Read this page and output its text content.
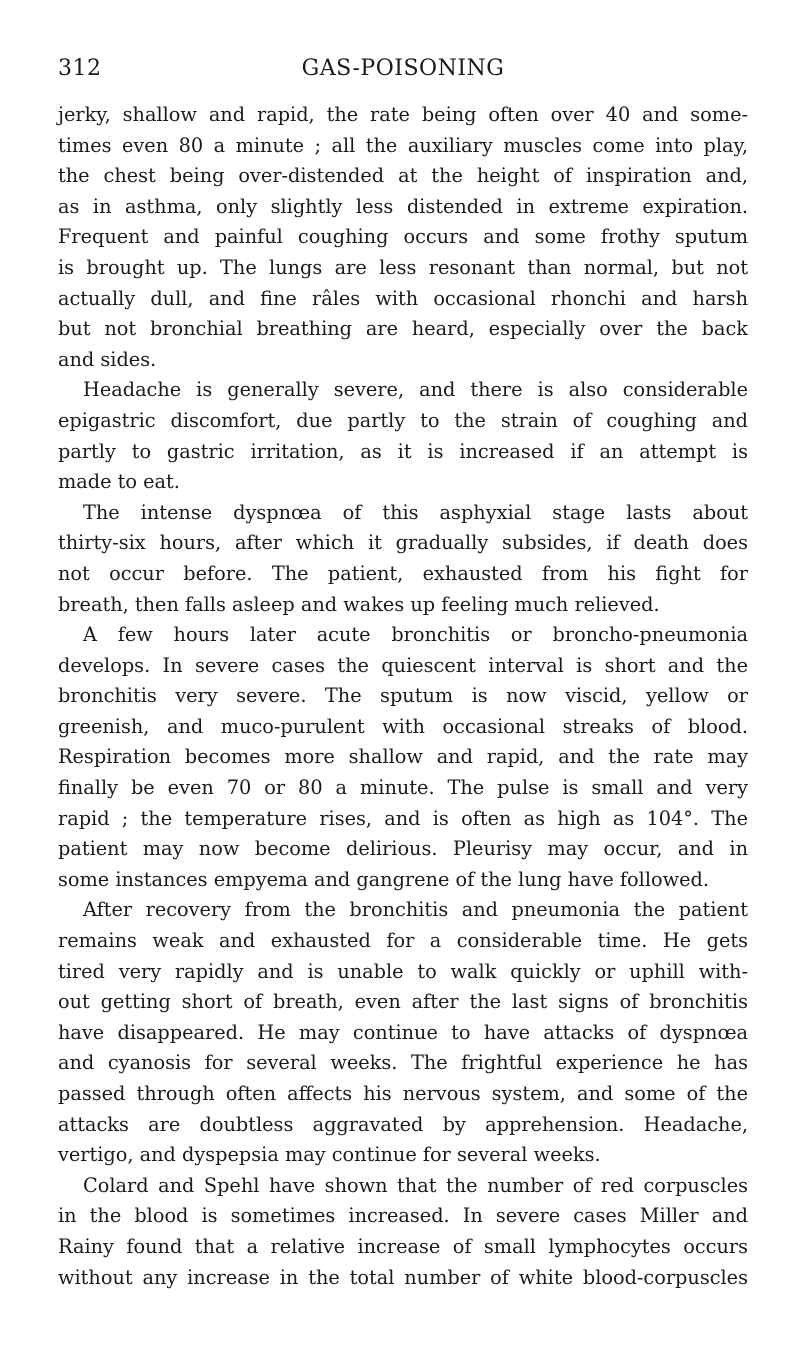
312	GAS-POISONING
jerky, shallow and rapid, the rate being often over 40 and some-
times even 80 a minute ; all the auxiliary muscles come into play,
the chest being over-distended at the height of inspiration and,
as in asthma, only slightly less distended in extreme expiration.
Frequent and painful coughing occurs and some frothy sputum
is brought up. The lungs are less resonant than normal, but not
actually dull, and fine râles with occasional rhonchi and harsh
but not bronchial breathing are heard, especially over the back
and sides.
Headache is generally severe, and there is also considerable
epigastric discomfort, due partly to the strain of coughing and
partly to gastric irritation, as it is increased if an attempt is
made to eat.
The intense dyspnœa of this asphyxial stage lasts about
thirty-six hours, after which it gradually subsides, if death does
not occur before. The patient, exhausted from his fight for
breath, then falls asleep and wakes up feeling much relieved.
A few hours later acute bronchitis or broncho-pneumonia
develops. In severe cases the quiescent interval is short and the
bronchitis very severe. The sputum is now viscid, yellow or
greenish, and muco-purulent with occasional streaks of blood.
Respiration becomes more shallow and rapid, and the rate may
finally be even 70 or 80 a minute. The pulse is small and very
rapid ; the temperature rises, and is often as high as 104°. The
patient may now become delirious. Pleurisy may occur, and in
some instances empyema and gangrene of the lung have followed.
After recovery from the bronchitis and pneumonia the patient
remains weak and exhausted for a considerable time. He gets
tired very rapidly and is unable to walk quickly or uphill with-
out getting short of breath, even after the last signs of bronchitis
have disappeared. He may continue to have attacks of dyspnœa
and cyanosis for several weeks. The frightful experience he has
passed through often affects his nervous system, and some of the
attacks are doubtless aggravated by apprehension. Headache,
vertigo, and dyspepsia may continue for several weeks.
Colard and Spehl have shown that the number of red corpuscles
in the blood is sometimes increased. In severe cases Miller and
Rainy found that a relative increase of small lymphocytes occurs
without any increase in the total number of white blood-corpuscles
